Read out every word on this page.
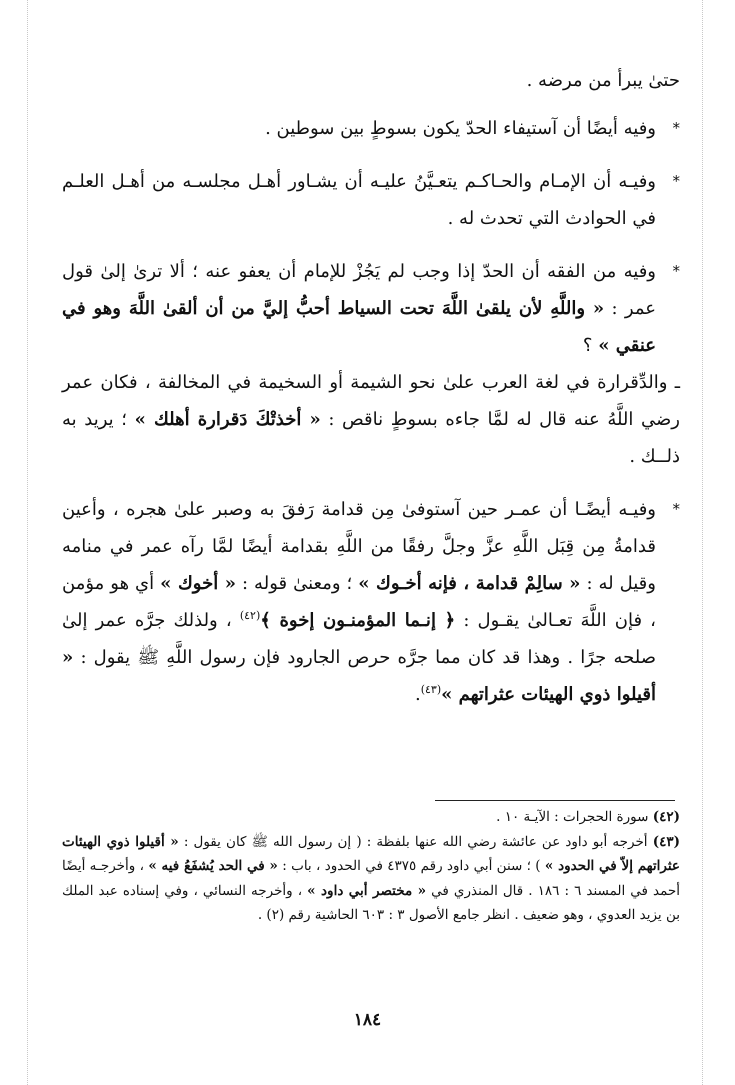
حتىٰ يبرأ من مرضه .

*
وفيه أيضًا أن آستيفاء الحدّ يكون بسوطٍ بين سوطين .

*
وفيـه أن الإمـام والحـاكـم يتعـيَّنُ عليـه أن يشـاور أهـل مجلسـه من أهـل العلـم في الحوادث التي تحدث له .

*
وفيه من الفقه أن الحدّ إذا وجب لم يَجُزْ للإمام أن يعفو عنه ؛ ألا ترىٰ إلىٰ قول عمر : « واللَّهِ لأن يلقىٰ اللَّهَ تحت السياط أحبُّ إليَّ من أن ألقىٰ اللَّهَ وهو في عنقي » ؟

ـ والدِّقرارة في لغة العرب علىٰ نحو الشيمة أو السخيمة في المخالفة ، فكان عمر رضي اللَّهُ عنه قال له لمَّا جاءه بسوطٍ ناقص : « أخذتْكَ دَقرارة أهلك » ؛ يريد به ذلــك .

*
وفيـه أيضًـا أن عمـر حين آستوفىٰ مِن قدامة رَفقَ به وصبر علىٰ هجره ، وأعين قدامةُ مِن قِبَل اللَّهِ عزَّ وجلَّ رفقًا من اللَّهِ بقدامة أيضًا لمَّا رآه عمر في منامه وقيل له : « سالِمْ قدامة ، فإنه أخـوك » ؛ ومعنىٰ قوله : « أخوك » أي هو مؤمن ، فإن اللَّهَ تعـالىٰ يقـول : ﴿ إنـما المؤمنـون إخوة ﴾$^{(٤٢)}$ ، ولذلك جرَّه عمر إلىٰ صلحه جرًا . وهذا قد كان مما جرَّه حرص الجارود فإن رسول اللَّهِ ﷺ يقول : « أقيلوا ذوي الهيئات عثراتهم »$^{(٤٣)}$.

(٤٢) سورة الحجرات : الآيـة ١٠ .

(٤٣) أخرجه أبو داود عن عائشة رضي الله عنها بلفظة : ( إن رسول الله ﷺ كان يقول : « أقيلوا ذوي الهيئات عثراتهم إلاّ في الحدود » ) ؛ سنن أبي داود رقم ٤٣٧٥ في الحدود ، باب : « في الحد يُشفَعُ فيه » ، وأخرجـه أيضًا أحمد في المسند ٦ : ١٨٦ . قال المنذري في « مختصر أبي داود » ، وأخرجه النسائي ، وفي إسناده عبد الملك بن يزيد العدوي ، وهو ضعيف . انظر جامع الأصول ٣ : ٦٠٣ الحاشية رقم (٢) .

١٨٤
